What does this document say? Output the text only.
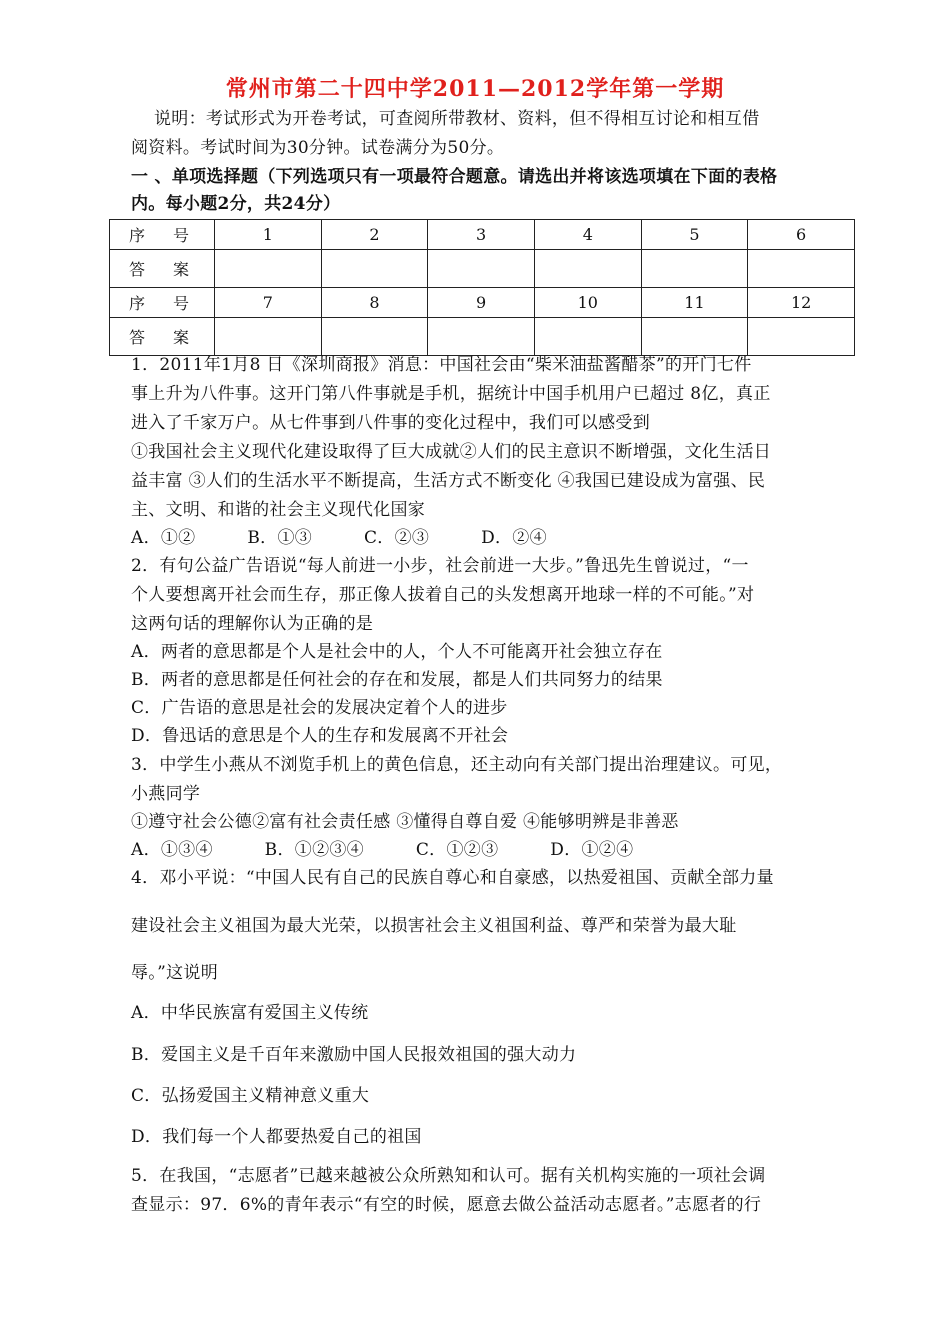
常州市第二十四中学2011—2012学年第一学期
说明：考试形式为开卷考试，可查阅所带教材、资料，但不得相互讨论和相互借
阅资料。考试时间为30分钟。试卷满分为50分。
一 、单项选择题（下列选项只有一项最符合题意。请选出并将该选项填在下面的表格
内。每小题2分，共24分）
序　号	1	2	3	4	5	6
答　案						
序　号	7	8	9	10	11	12
答　案						
1．2011年1月8 日《深圳商报》消息：中国社会由“柴米油盐酱醋茶”的开门七件
事上升为八件事。这开门第八件事就是手机，据统计中国手机用户已超过 8亿，真正
进入了千家万户。从七件事到八件事的变化过程中，我们可以感受到
①我国社会主义现代化建设取得了巨大成就②人们的民主意识不断增强，文化生活日
益丰富 ③人们的生活水平不断提高，生活方式不断变化 ④我国已建设成为富强、民
主、文明、和谐的社会主义现代化国家
A．①②　　　B．①③　　　C．②③　　　D．②④
2．有句公益广告语说“每人前进一小步，社会前进一大步。”鲁迅先生曾说过，“一
个人要想离开社会而生存，那正像人拔着自己的头发想离开地球一样的不可能。”对
这两句话的理解你认为正确的是
A．两者的意思都是个人是社会中的人，个人不可能离开社会独立存在
B．两者的意思都是任何社会的存在和发展，都是人们共同努力的结果
C．广告语的意思是社会的发展决定着个人的进步
D．鲁迅话的意思是个人的生存和发展离不开社会
3．中学生小燕从不浏览手机上的黄色信息，还主动向有关部门提出治理建议。可见，
小燕同学
①遵守社会公德②富有社会责任感 ③懂得自尊自爱 ④能够明辨是非善恶
A．①③④　　　B．①②③④　　　C．①②③　　　D．①②④
4．邓小平说：“中国人民有自己的民族自尊心和自豪感，以热爱祖国、贡献全部力量
建设社会主义祖国为最大光荣，以损害社会主义祖国利益、尊严和荣誉为最大耻
辱。”这说明
A．中华民族富有爱国主义传统
B．爱国主义是千百年来激励中国人民报效祖国的强大动力
C．弘扬爱国主义精神意义重大
D．我们每一个人都要热爱自己的祖国
5．在我国，“志愿者”已越来越被公众所熟知和认可。据有关机构实施的一项社会调
查显示：97．6%的青年表示“有空的时候，愿意去做公益活动志愿者。”志愿者的行
